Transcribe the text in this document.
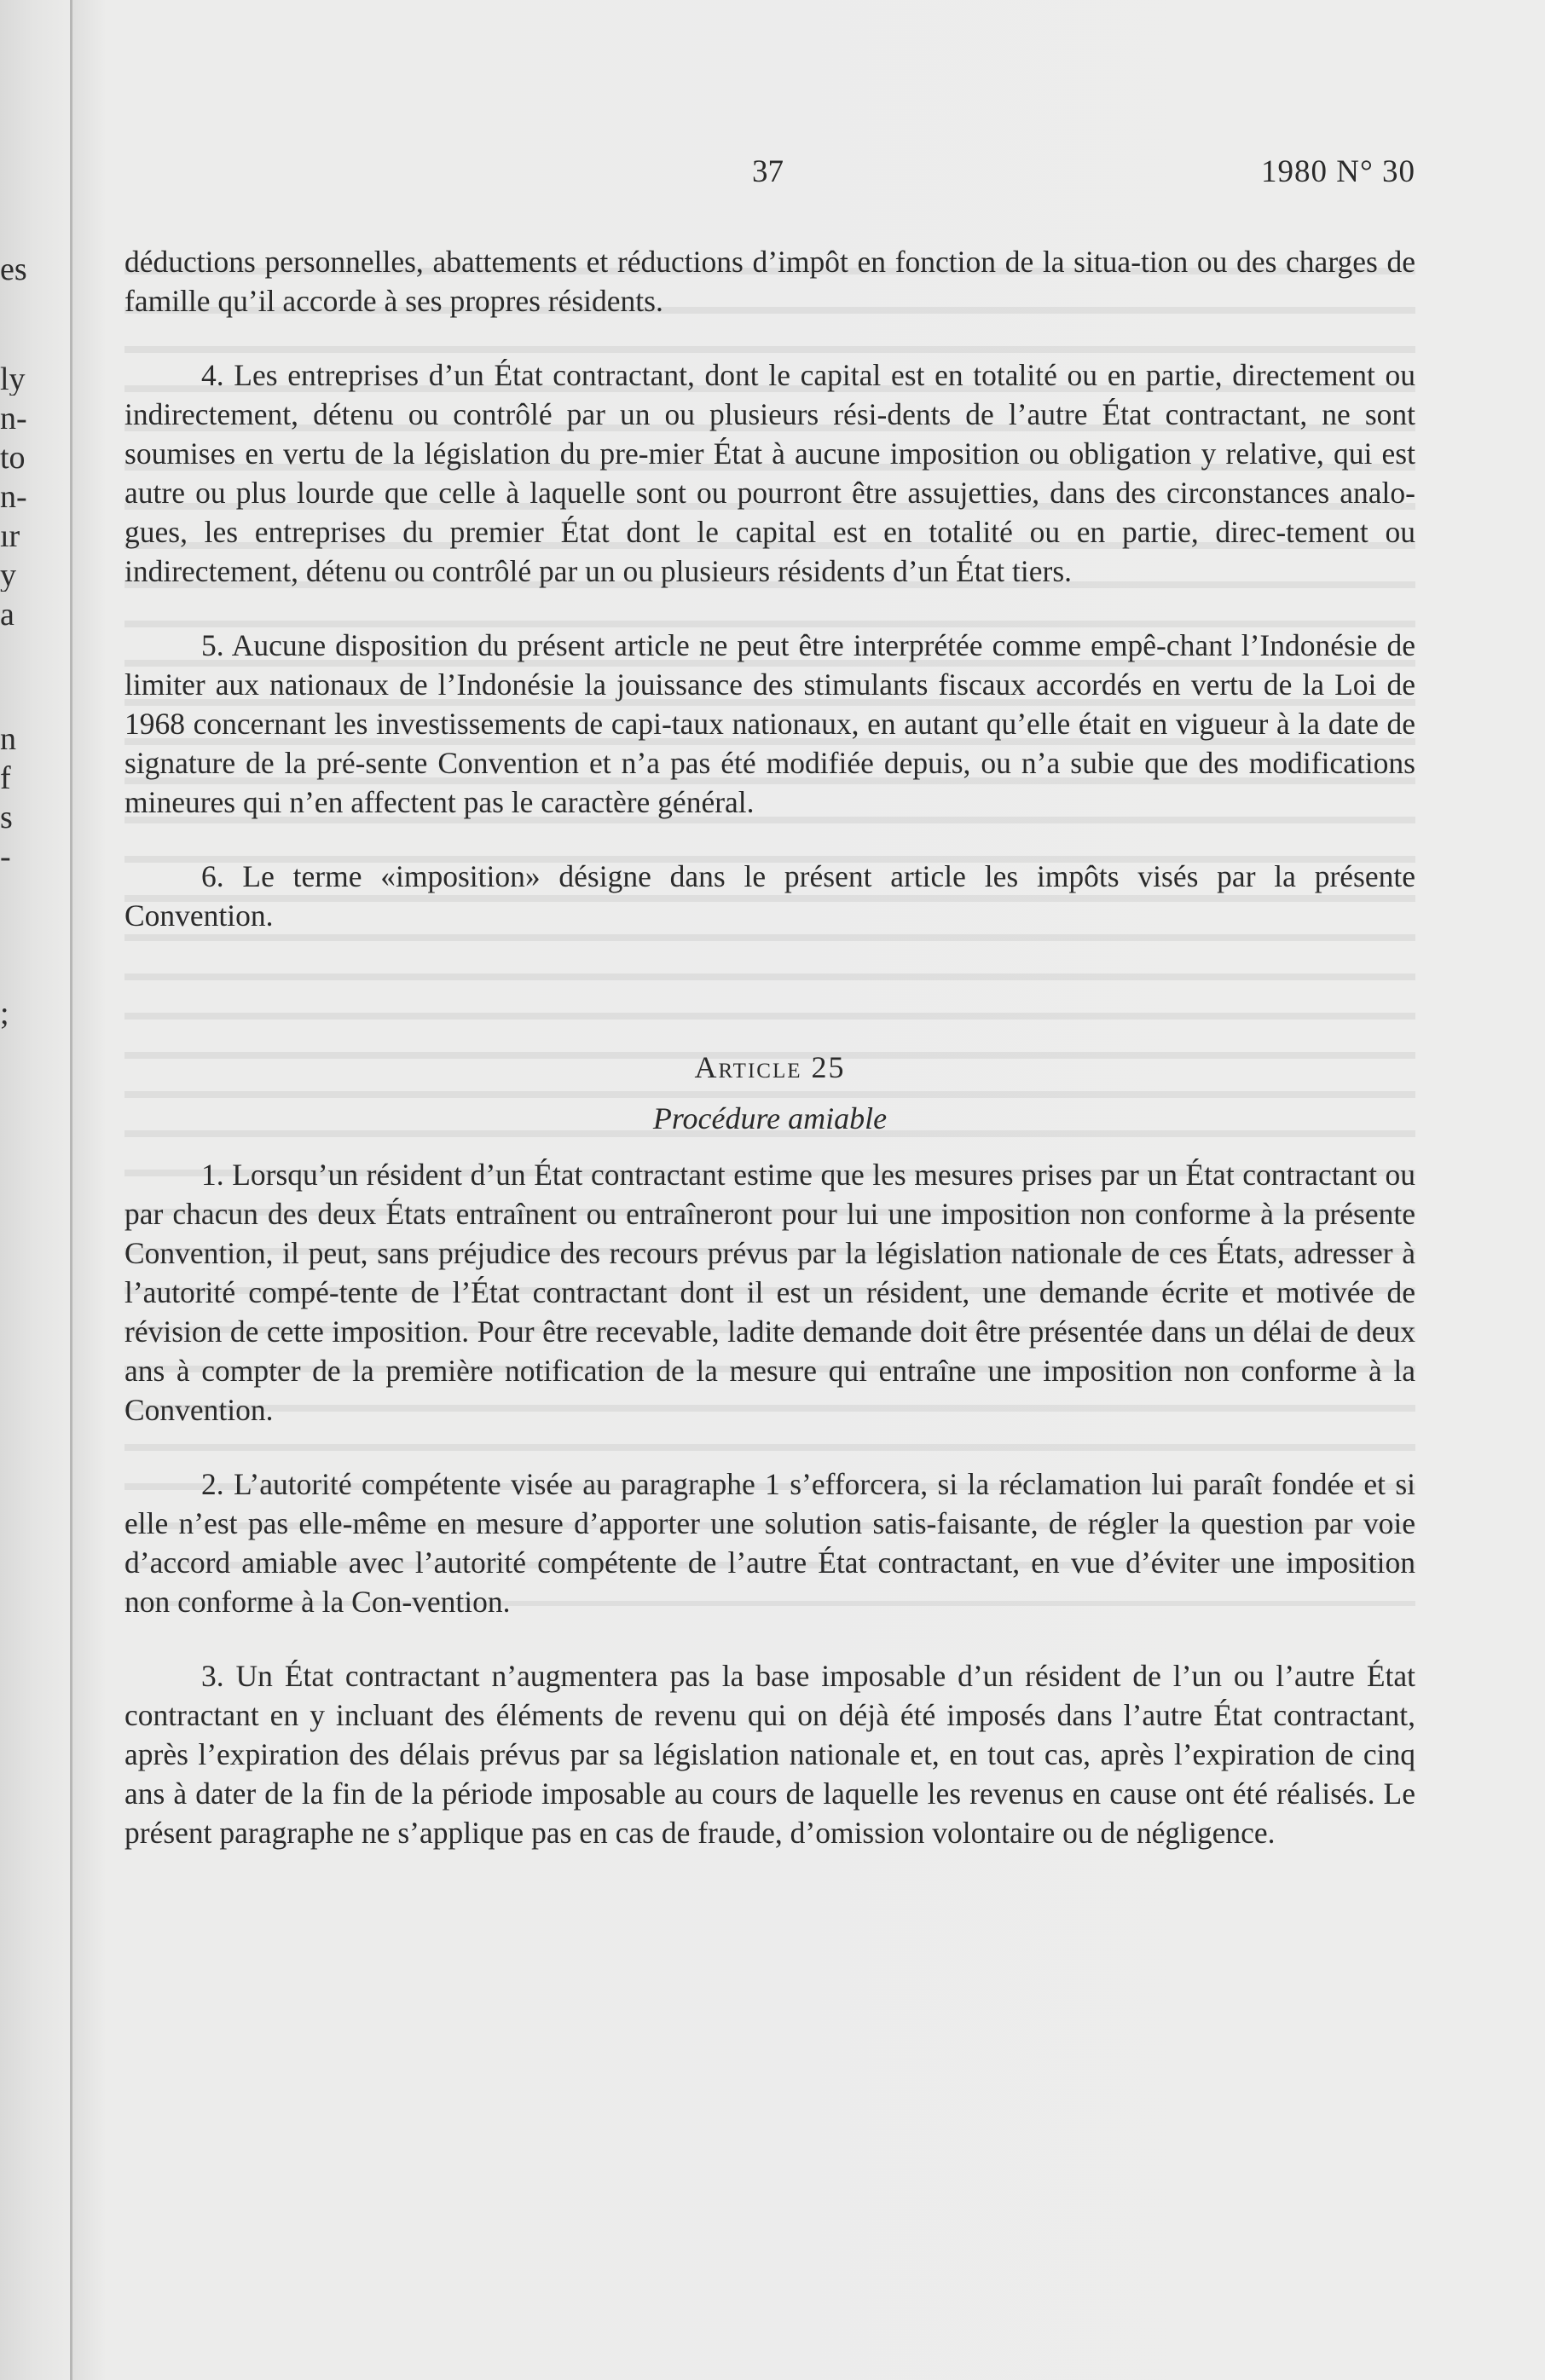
es
ly
n-
to
n-
ır
y
a
n
f
s
-
;
37	1980 N° 30

déductions personnelles, abattements et réductions d’impôt en fonction de la situa-tion ou des charges de famille qu’il accorde à ses propres résidents.

4. Les entreprises d’un État contractant, dont le capital est en totalité ou en partie, directement ou indirectement, détenu ou contrôlé par un ou plusieurs rési-dents de l’autre État contractant, ne sont soumises en vertu de la législation du pre-mier État à aucune imposition ou obligation y relative, qui est autre ou plus lourde que celle à laquelle sont ou pourront être assujetties, dans des circonstances analo-gues, les entreprises du premier État dont le capital est en totalité ou en partie, direc-tement ou indirectement, détenu ou contrôlé par un ou plusieurs résidents d’un État tiers.

5. Aucune disposition du présent article ne peut être interprétée comme empê-chant l’Indonésie de limiter aux nationaux de l’Indonésie la jouissance des stimulants fiscaux accordés en vertu de la Loi de 1968 concernant les investissements de capi-taux nationaux, en autant qu’elle était en vigueur à la date de signature de la pré-sente Convention et n’a pas été modifiée depuis, ou n’a subie que des modifications mineures qui n’en affectent pas le caractère général.

6. Le terme «imposition» désigne dans le présent article les impôts visés par la présente Convention.

Article 25

Procédure amiable

1. Lorsqu’un résident d’un État contractant estime que les mesures prises par un État contractant ou par chacun des deux États entraînent ou entraîneront pour lui une imposition non conforme à la présente Convention, il peut, sans préjudice des recours prévus par la législation nationale de ces États, adresser à l’autorité compé-tente de l’État contractant dont il est un résident, une demande écrite et motivée de révision de cette imposition. Pour être recevable, ladite demande doit être présentée dans un délai de deux ans à compter de la première notification de la mesure qui entraîne une imposition non conforme à la Convention.

2. L’autorité compétente visée au paragraphe 1 s’efforcera, si la réclamation lui paraît fondée et si elle n’est pas elle-même en mesure d’apporter une solution satis-faisante, de régler la question par voie d’accord amiable avec l’autorité compétente de l’autre État contractant, en vue d’éviter une imposition non conforme à la Con-vention.

3. Un État contractant n’augmentera pas la base imposable d’un résident de l’un ou l’autre État contractant en y incluant des éléments de revenu qui on déjà été imposés dans l’autre État contractant, après l’expiration des délais prévus par sa législation nationale et, en tout cas, après l’expiration de cinq ans à dater de la fin de la période imposable au cours de laquelle les revenus en cause ont été réalisés. Le présent paragraphe ne s’applique pas en cas de fraude, d’omission volontaire ou de négligence.
